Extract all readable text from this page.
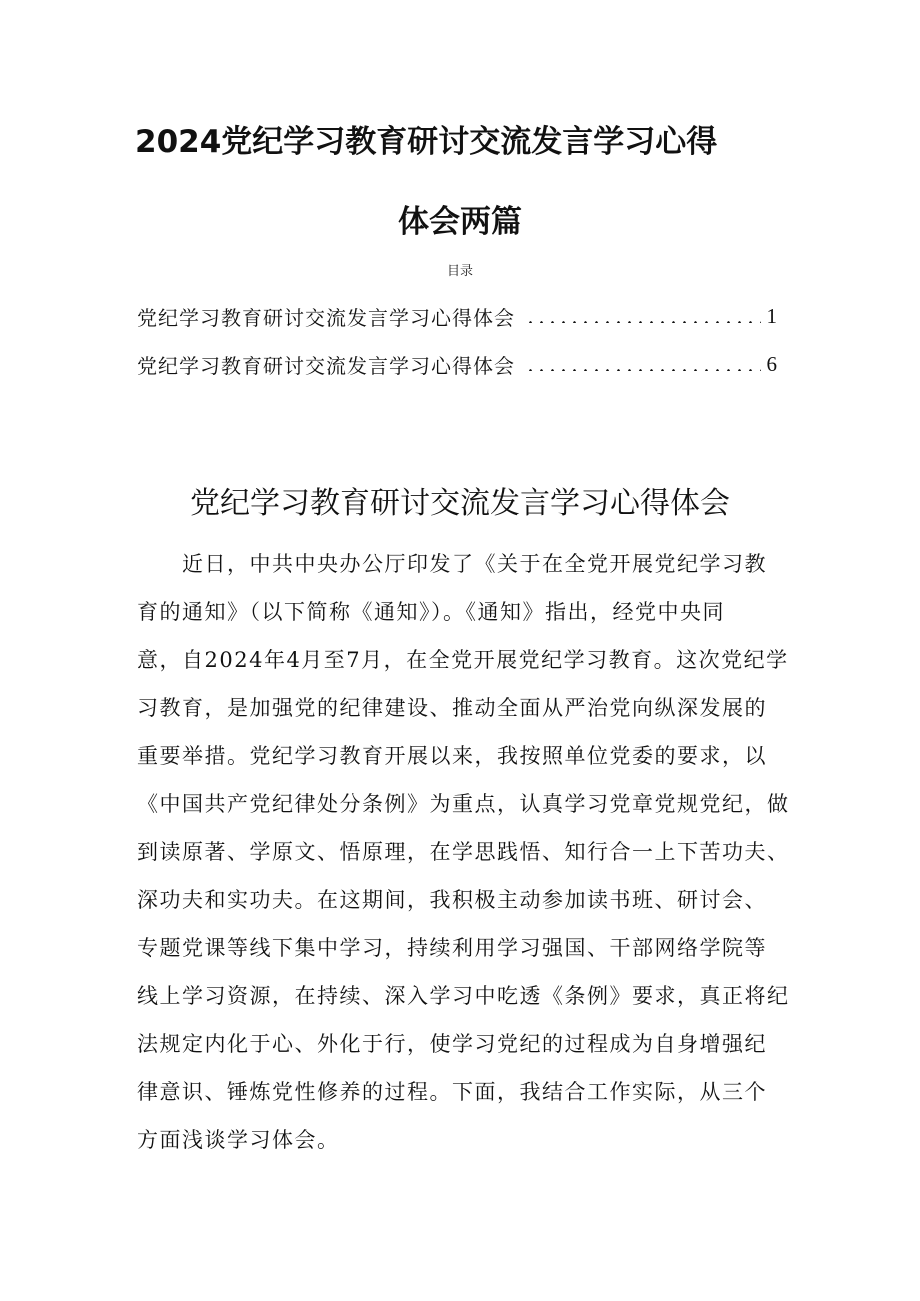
2024党纪学习教育研讨交流发言学习心得
体会两篇
目录
党纪学习教育研讨交流发言学习心得体会	1
党纪学习教育研讨交流发言学习心得体会	6
党纪学习教育研讨交流发言学习心得体会
近日，中共中央办公厅印发了《关于在全党开展党纪学习教
育的通知》（以下简称《通知》）。《通知》指出，经党中央同
意，自2024年4月至7月，在全党开展党纪学习教育。这次党纪学
习教育，是加强党的纪律建设、推动全面从严治党向纵深发展的
重要举措。党纪学习教育开展以来，我按照单位党委的要求，以
《中国共产党纪律处分条例》为重点，认真学习党章党规党纪，做
到读原著、学原文、悟原理，在学思践悟、知行合一上下苦功夫、
深功夫和实功夫。在这期间，我积极主动参加读书班、研讨会、
专题党课等线下集中学习，持续利用学习强国、干部网络学院等
线上学习资源，在持续、深入学习中吃透《条例》要求，真正将纪
法规定内化于心、外化于行，使学习党纪的过程成为自身增强纪
律意识、锤炼党性修养的过程。下面，我结合工作实际，从三个
方面浅谈学习体会。
